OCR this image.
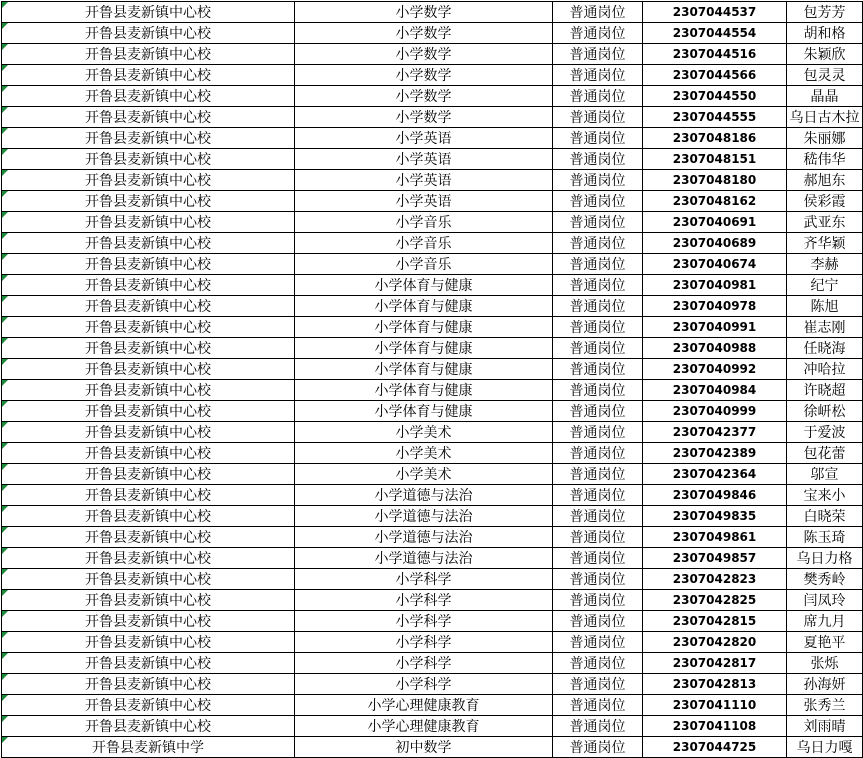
开鲁县麦新镇中心校	小学数学	普通岗位	2307044537	包芳芳
开鲁县麦新镇中心校	小学数学	普通岗位	2307044554	胡和格
开鲁县麦新镇中心校	小学数学	普通岗位	2307044516	朱颖欣
开鲁县麦新镇中心校	小学数学	普通岗位	2307044566	包灵灵
开鲁县麦新镇中心校	小学数学	普通岗位	2307044550	晶晶
开鲁县麦新镇中心校	小学数学	普通岗位	2307044555	乌日古木拉
开鲁县麦新镇中心校	小学英语	普通岗位	2307048186	朱丽娜
开鲁县麦新镇中心校	小学英语	普通岗位	2307048151	嵇伟华
开鲁县麦新镇中心校	小学英语	普通岗位	2307048180	郝旭东
开鲁县麦新镇中心校	小学英语	普通岗位	2307048162	侯彩霞
开鲁县麦新镇中心校	小学音乐	普通岗位	2307040691	武亚东
开鲁县麦新镇中心校	小学音乐	普通岗位	2307040689	齐华颖
开鲁县麦新镇中心校	小学音乐	普通岗位	2307040674	李赫
开鲁县麦新镇中心校	小学体育与健康	普通岗位	2307040981	纪宁
开鲁县麦新镇中心校	小学体育与健康	普通岗位	2307040978	陈旭
开鲁县麦新镇中心校	小学体育与健康	普通岗位	2307040991	崔志刚
开鲁县麦新镇中心校	小学体育与健康	普通岗位	2307040988	任晓海
开鲁县麦新镇中心校	小学体育与健康	普通岗位	2307040992	冲哈拉
开鲁县麦新镇中心校	小学体育与健康	普通岗位	2307040984	许晓超
开鲁县麦新镇中心校	小学体育与健康	普通岗位	2307040999	徐岍松
开鲁县麦新镇中心校	小学美术	普通岗位	2307042377	于爱波
开鲁县麦新镇中心校	小学美术	普通岗位	2307042389	包花蕾
开鲁县麦新镇中心校	小学美术	普通岗位	2307042364	邬宣
开鲁县麦新镇中心校	小学道德与法治	普通岗位	2307049846	宝来小
开鲁县麦新镇中心校	小学道德与法治	普通岗位	2307049835	白晓荣
开鲁县麦新镇中心校	小学道德与法治	普通岗位	2307049861	陈玉琦
开鲁县麦新镇中心校	小学道德与法治	普通岗位	2307049857	乌日力格
开鲁县麦新镇中心校	小学科学	普通岗位	2307042823	樊秀岭
开鲁县麦新镇中心校	小学科学	普通岗位	2307042825	闫凤玲
开鲁县麦新镇中心校	小学科学	普通岗位	2307042815	席九月
开鲁县麦新镇中心校	小学科学	普通岗位	2307042820	夏艳平
开鲁县麦新镇中心校	小学科学	普通岗位	2307042817	张烁
开鲁县麦新镇中心校	小学科学	普通岗位	2307042813	孙海妍
开鲁县麦新镇中心校	小学心理健康教育	普通岗位	2307041110	张秀兰
开鲁县麦新镇中心校	小学心理健康教育	普通岗位	2307041108	刘雨晴
开鲁县麦新镇中学	初中数学	普通岗位	2307044725	乌日力嘎
